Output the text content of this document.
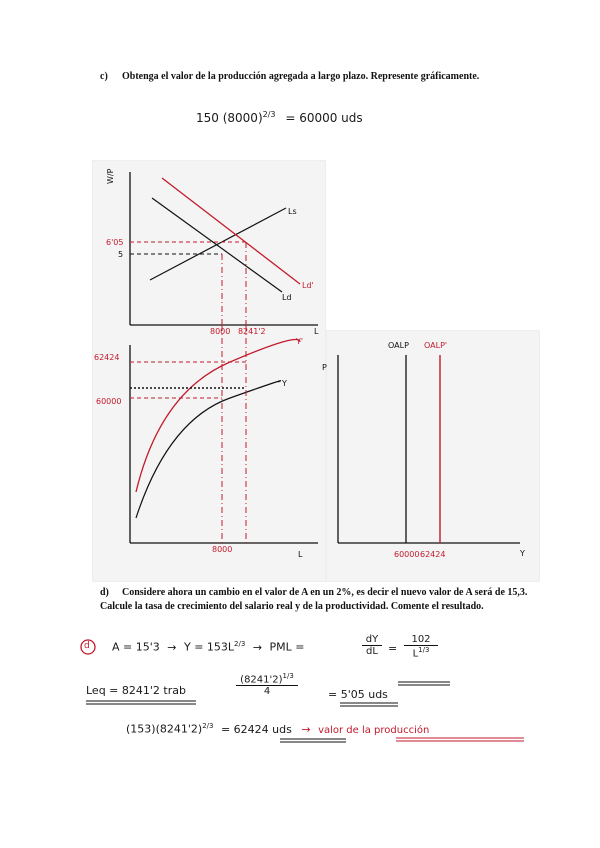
c) Obtenga el valor de la producción agregada a largo plazo. Represente gráficamente.
150 $(8000)^{2/3} = 60000$ uds
W/P
L
Ls
Ld
Ld'
6'05
5
8000 8241'2
62424
60000
Y
Y'
8000
L
P
Y
OALP OALP'
60000 62424
d) Considere ahora un cambio en el valor de A en un 2%, es decir el nuevo valor de A será de 15,3. Calcule la tasa de crecimiento del salario real y de la productividad. Comente el resultado.
d $A = 15'3 \to Y = 153L^{2/3}$ → PML =	$\frac{dY}{dL}$ =
102
$L^{1/3}$
Leq = 8241'2 trab
$(8241'2)^{1/3}$
4	= 5'05 uds
$(153)(8241'2)^{2/3} = 62424$ uds → valor de la producción
